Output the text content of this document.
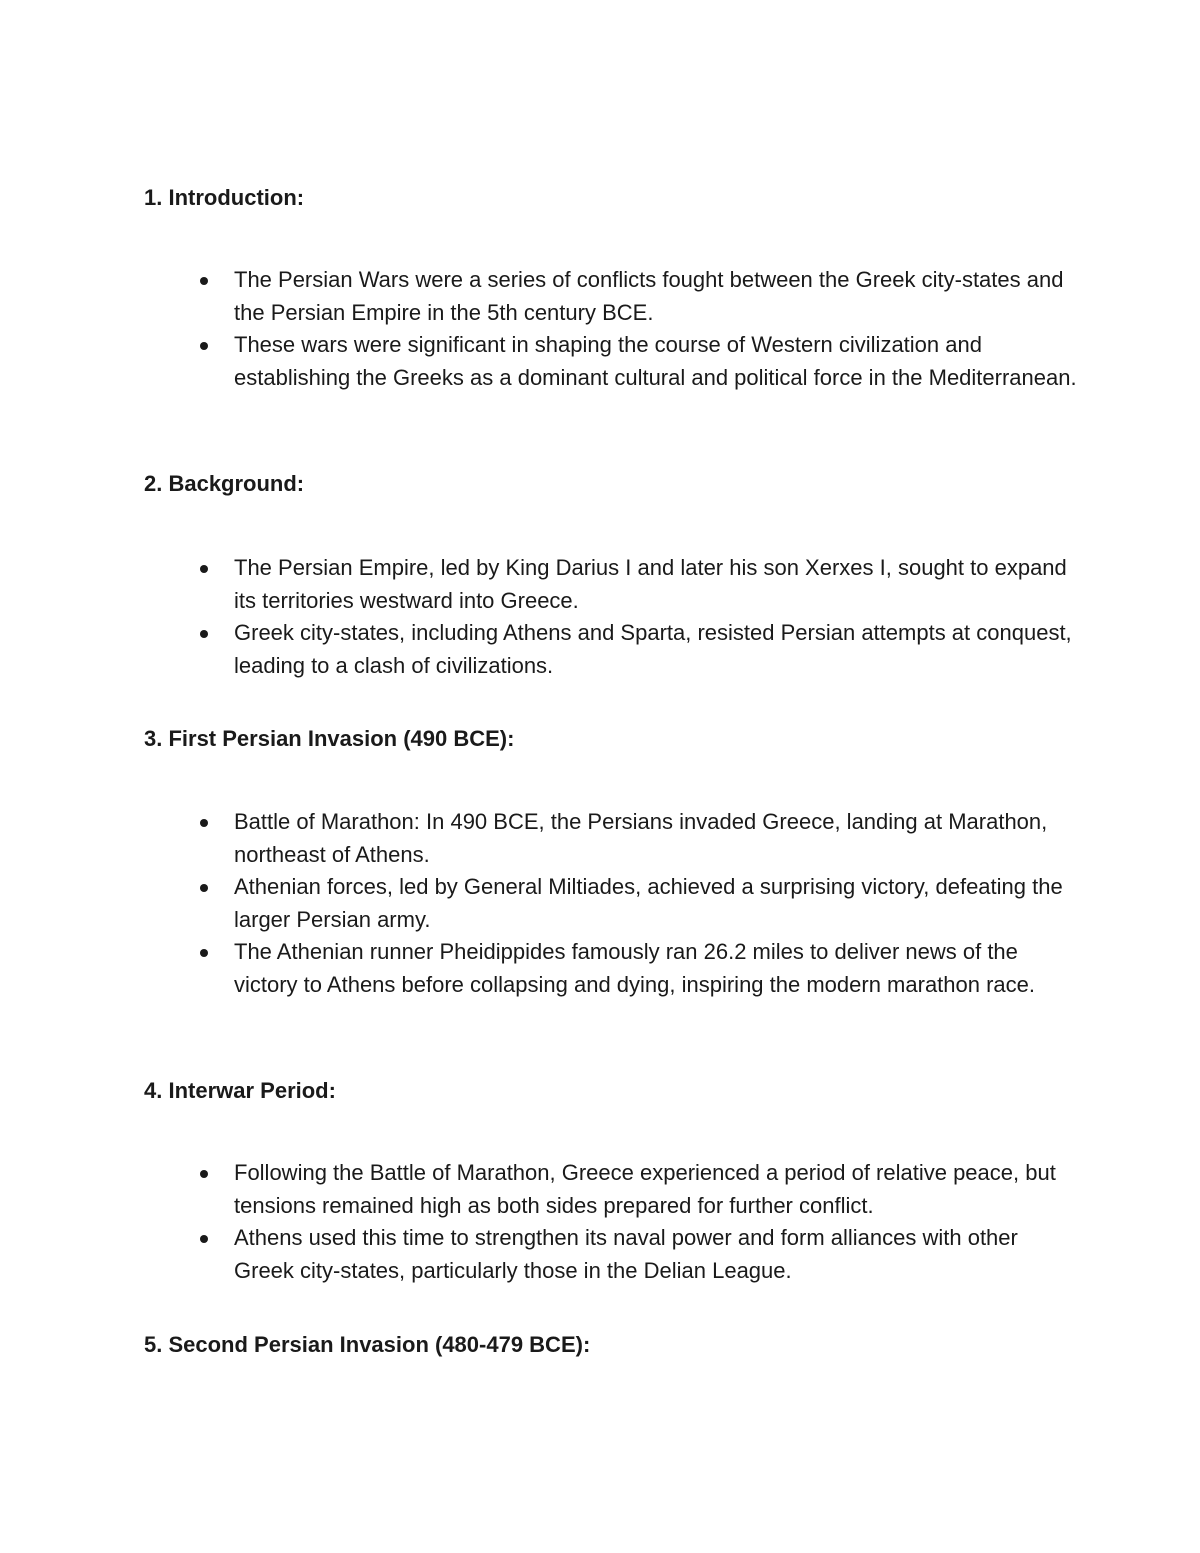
1. Introduction:
The Persian Wars were a series of conflicts fought between the Greek city-states and the Persian Empire in the 5th century BCE.
These wars were significant in shaping the course of Western civilization and establishing the Greeks as a dominant cultural and political force in the Mediterranean.
2. Background:
The Persian Empire, led by King Darius I and later his son Xerxes I, sought to expand its territories westward into Greece.
Greek city-states, including Athens and Sparta, resisted Persian attempts at conquest, leading to a clash of civilizations.
3. First Persian Invasion (490 BCE):
Battle of Marathon: In 490 BCE, the Persians invaded Greece, landing at Marathon, northeast of Athens.
Athenian forces, led by General Miltiades, achieved a surprising victory, defeating the larger Persian army.
The Athenian runner Pheidippides famously ran 26.2 miles to deliver news of the victory to Athens before collapsing and dying, inspiring the modern marathon race.
4. Interwar Period:
Following the Battle of Marathon, Greece experienced a period of relative peace, but tensions remained high as both sides prepared for further conflict.
Athens used this time to strengthen its naval power and form alliances with other Greek city-states, particularly those in the Delian League.
5. Second Persian Invasion (480-479 BCE):
